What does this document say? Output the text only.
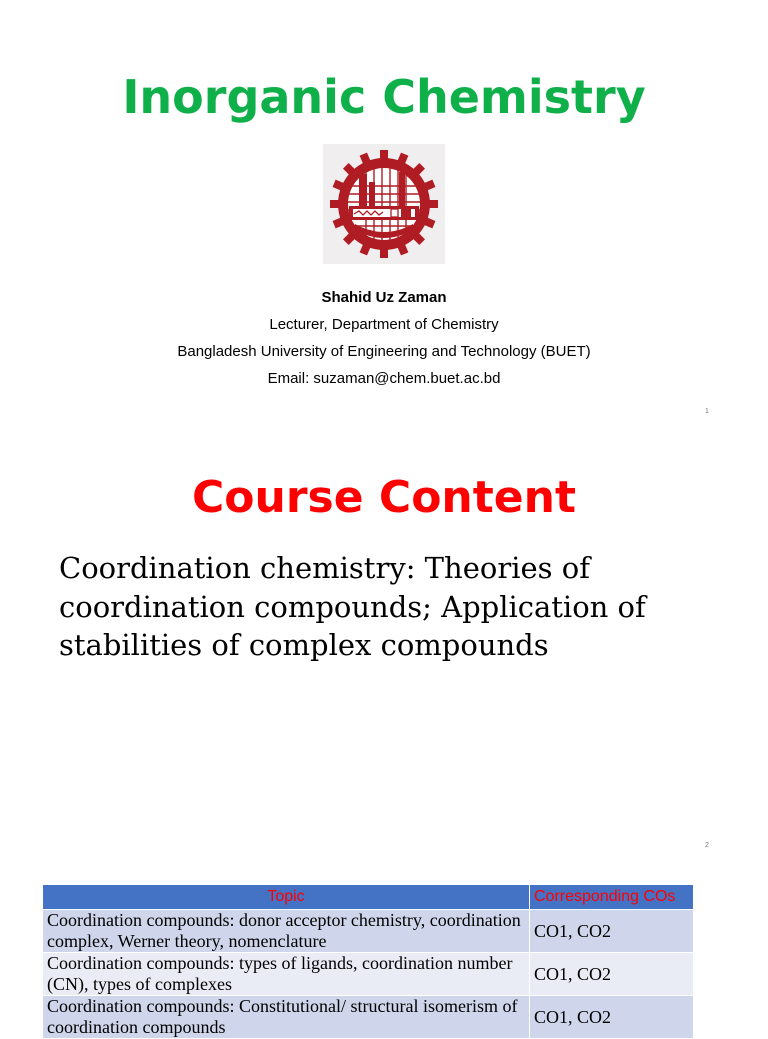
Inorganic Chemistry
Shahid Uz Zaman
Lecturer, Department of Chemistry
Bangladesh University of Engineering and Technology (BUET)
Email: suzaman@chem.buet.ac.bd
1
Course Content

Coordination chemistry: Theories of coordination compounds; Application of stabilities of complex compounds

2
Topic	Corresponding COs
Coordination compounds: donor acceptor chemistry, coordination complex, Werner theory, nomenclature	CO1, CO2
Coordination compounds: types of ligands, coordination number (CN), types of complexes	CO1, CO2
Coordination compounds: Constitutional/ structural isomerism of coordination compounds	CO1, CO2
